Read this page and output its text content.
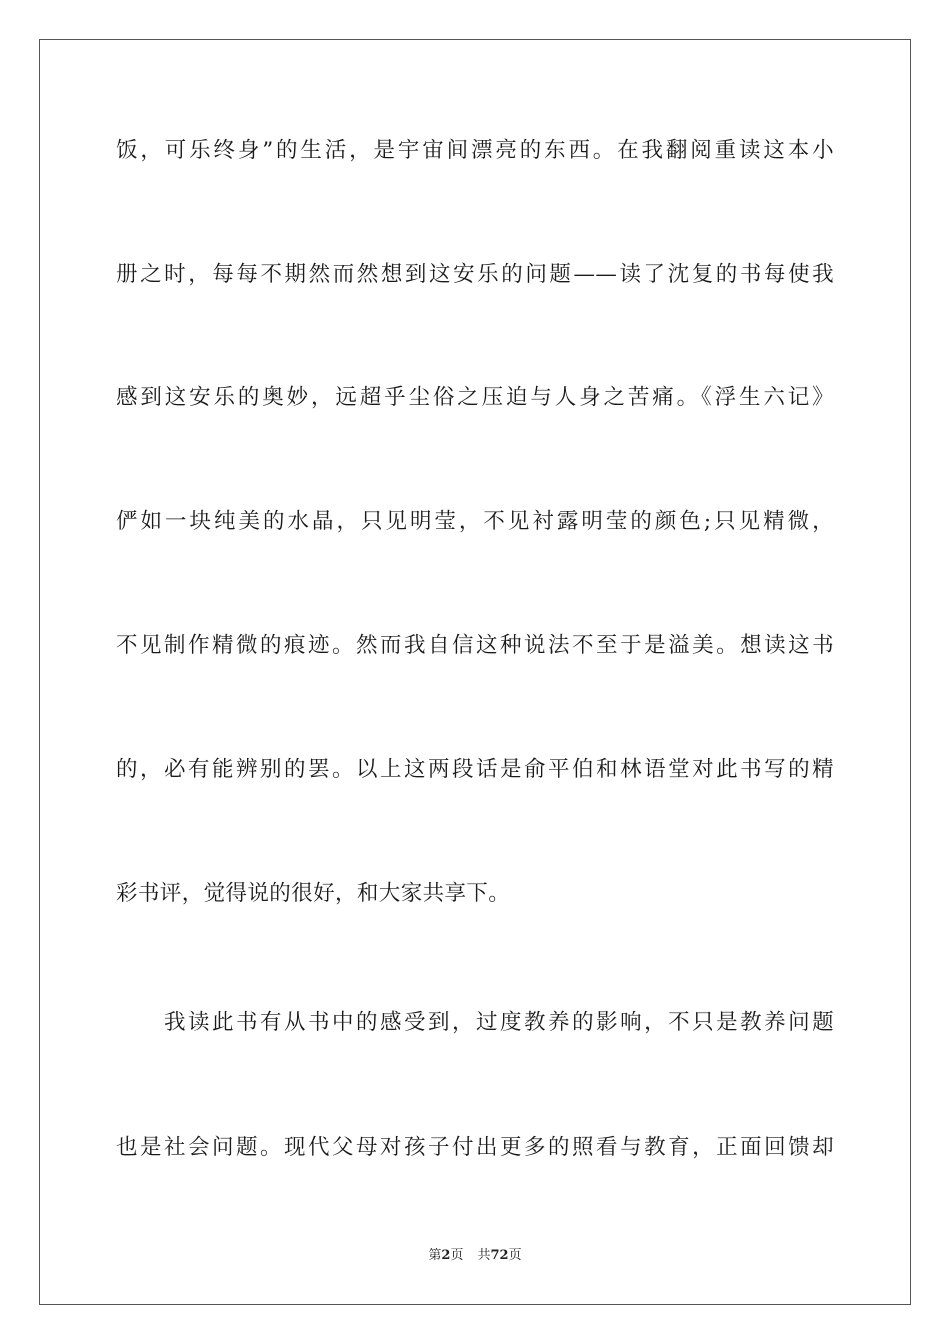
饭，可乐终身”的生活，是宇宙间漂亮的东西。在我翻阅重读这本小
册之时，每每不期然而然想到这安乐的问题——读了沈复的书每使我
感到这安乐的奥妙，远超乎尘俗之压迫与人身之苦痛。《浮生六记》
俨如一块纯美的水晶，只见明莹，不见衬露明莹的颜色;只见精微，
不见制作精微的痕迹。然而我自信这种说法不至于是溢美。想读这书
的，必有能辨别的罢。以上这两段话是俞平伯和林语堂对此书写的精
彩书评，觉得说的很好，和大家共享下。
我读此书有从书中的感受到，过度教养的影响，不只是教养问题
也是社会问题。现代父母对孩子付出更多的照看与教育，正面回馈却
第2页 共72页
